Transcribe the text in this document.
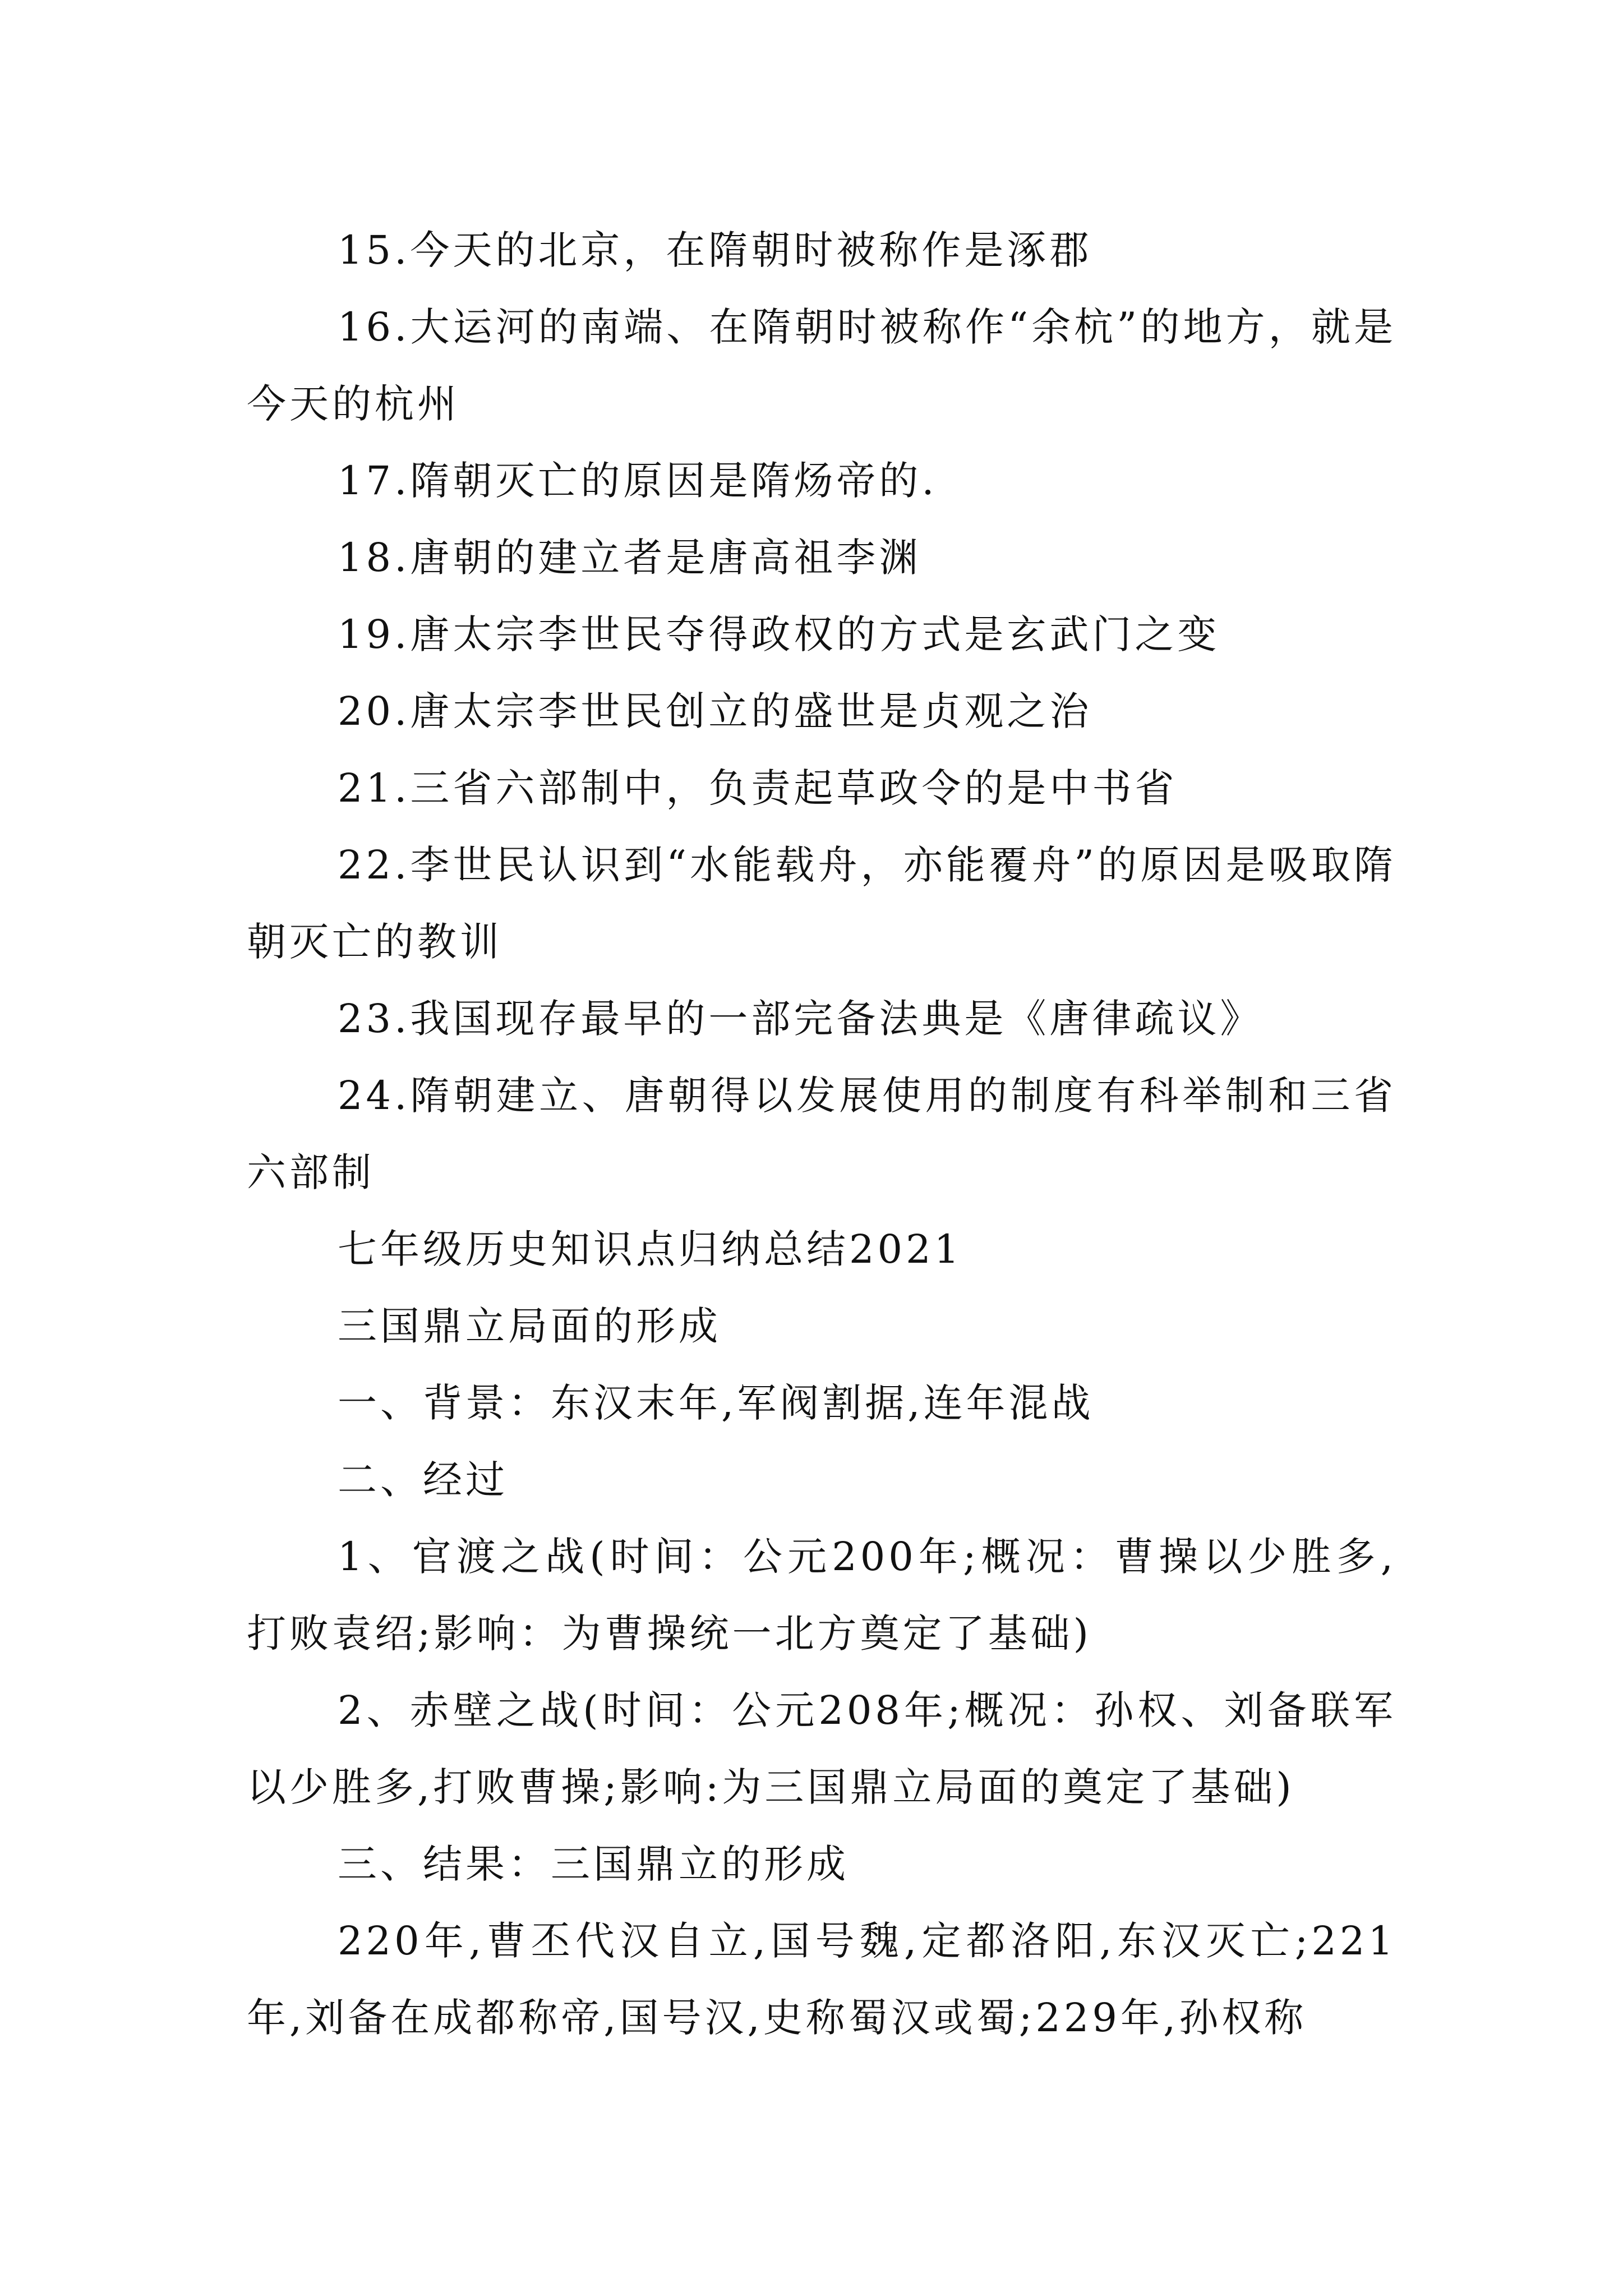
15.今天的北京，在隋朝时被称作是涿郡

16.大运河的南端、在隋朝时被称作“余杭”的地方，就是今天的杭州

17.隋朝灭亡的原因是隋炀帝的.

18.唐朝的建立者是唐高祖李渊

19.唐太宗李世民夺得政权的方式是玄武门之变

20.唐太宗李世民创立的盛世是贞观之治

21.三省六部制中，负责起草政令的是中书省

22.李世民认识到“水能载舟，亦能覆舟”的原因是吸取隋朝灭亡的教训

23.我国现存最早的一部完备法典是《唐律疏议》

24.隋朝建立、唐朝得以发展使用的制度有科举制和三省六部制

七年级历史知识点归纳总结2021

三国鼎立局面的形成

一、背景：东汉末年,军阀割据,连年混战

二、经过

1、官渡之战(时间：公元200年;概况：曹操以少胜多,打败袁绍;影响：为曹操统一北方奠定了基础)

2、赤壁之战(时间：公元208年;概况：孙权、刘备联军以少胜多,打败曹操;影响:为三国鼎立局面的奠定了基础)

三、结果：三国鼎立的形成

220年,曹丕代汉自立,国号魏,定都洛阳,东汉灭亡;221年,刘备在成都称帝,国号汉,史称蜀汉或蜀;229年,孙权称
